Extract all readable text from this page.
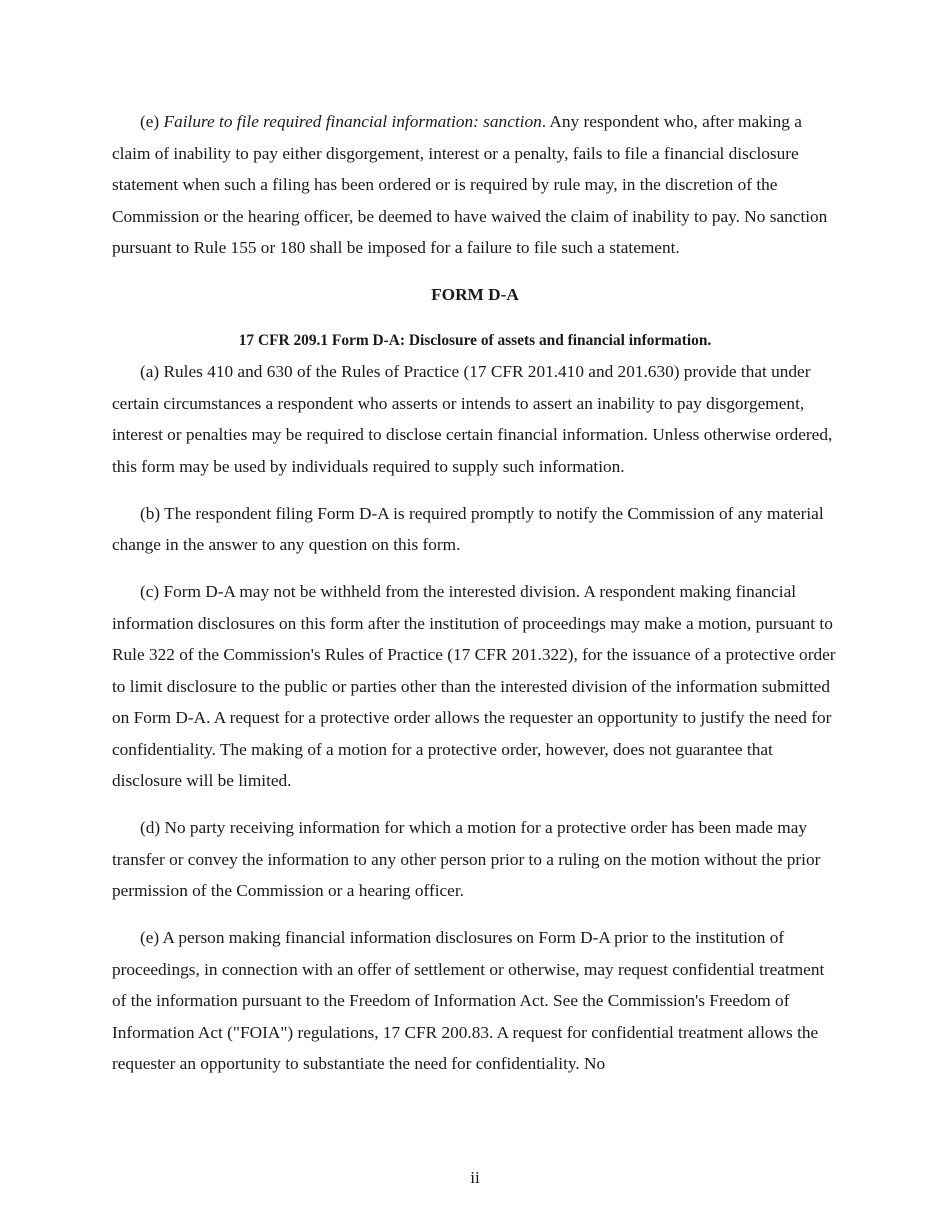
(e) Failure to file required financial information: sanction. Any respondent who, after making a claim of inability to pay either disgorgement, interest or a penalty, fails to file a financial disclosure statement when such a filing has been ordered or is required by rule may, in the discretion of the Commission or the hearing officer, be deemed to have waived the claim of inability to pay. No sanction pursuant to Rule 155 or 180 shall be imposed for a failure to file such a statement.

FORM D-A
17 CFR 209.1 Form D-A: Disclosure of assets and financial information.

(a) Rules 410 and 630 of the Rules of Practice (17 CFR 201.410 and 201.630) provide that under certain circumstances a respondent who asserts or intends to assert an inability to pay disgorgement, interest or penalties may be required to disclose certain financial information. Unless otherwise ordered, this form may be used by individuals required to supply such information.

(b) The respondent filing Form D-A is required promptly to notify the Commission of any material change in the answer to any question on this form.

(c) Form D-A may not be withheld from the interested division. A respondent making financial information disclosures on this form after the institution of proceedings may make a motion, pursuant to Rule 322 of the Commission's Rules of Practice (17 CFR 201.322), for the issuance of a protective order to limit disclosure to the public or parties other than the interested division of the information submitted on Form D-A. A request for a protective order allows the requester an opportunity to justify the need for confidentiality. The making of a motion for a protective order, however, does not guarantee that disclosure will be limited.

(d) No party receiving information for which a motion for a protective order has been made may transfer or convey the information to any other person prior to a ruling on the motion without the prior permission of the Commission or a hearing officer.

(e) A person making financial information disclosures on Form D-A prior to the institution of proceedings, in connection with an offer of settlement or otherwise, may request confidential treatment of the information pursuant to the Freedom of Information Act. See the Commission's Freedom of Information Act ("FOIA") regulations, 17 CFR 200.83. A request for confidential treatment allows the requester an opportunity to substantiate the need for confidentiality. No

ii
